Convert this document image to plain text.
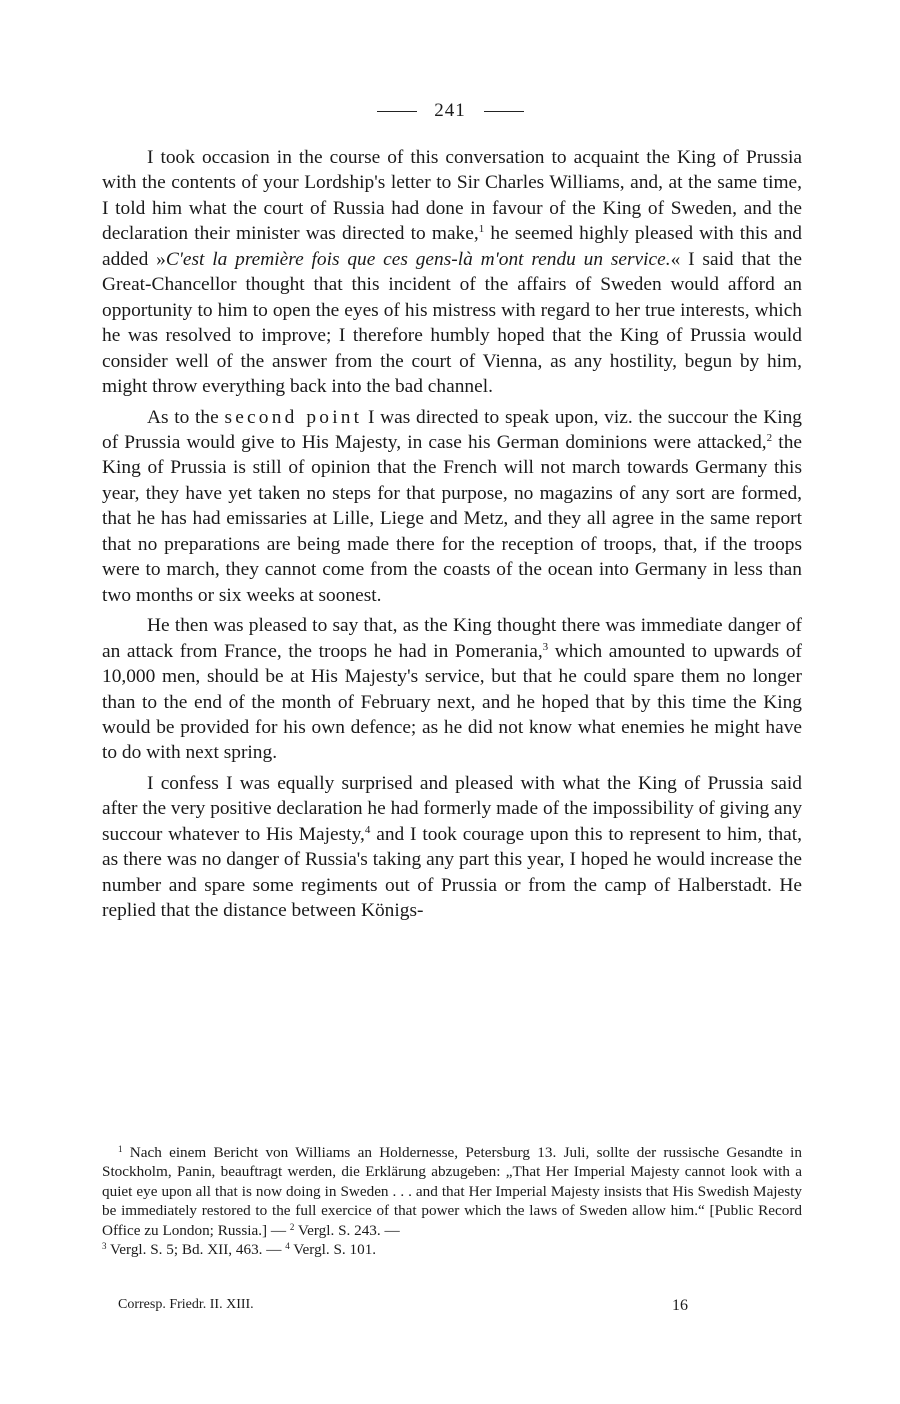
241

I took occasion in the course of this conversation to acquaint the King of Prussia with the contents of your Lordship's letter to Sir Charles Williams, and, at the same time, I told him what the court of Russia had done in favour of the King of Sweden, and the declaration their minister was directed to make,$^1$ he seemed highly pleased with this and added »C'est la première fois que ces gens-là m'ont rendu un service.« I said that the Great-Chancellor thought that this incident of the affairs of Sweden would afford an opportunity to him to open the eyes of his mistress with regard to her true interests, which he was resolved to improve; I therefore humbly hoped that the King of Prussia would consider well of the answer from the court of Vienna, as any hostility, begun by him, might throw everything back into the bad channel.

As to the second point I was directed to speak upon, viz. the succour the King of Prussia would give to His Majesty, in case his German dominions were attacked,$^2$ the King of Prussia is still of opinion that the French will not march towards Germany this year, they have yet taken no steps for that purpose, no magazins of any sort are formed, that he has had emissaries at Lille, Liege and Metz, and they all agree in the same report that no preparations are being made there for the reception of troops, that, if the troops were to march, they cannot come from the coasts of the ocean into Germany in less than two months or six weeks at soonest.

He then was pleased to say that, as the King thought there was immediate danger of an attack from France, the troops he had in Pomerania,$^3$ which amounted to upwards of 10,000 men, should be at His Majesty's service, but that he could spare them no longer than to the end of the month of February next, and he hoped that by this time the King would be provided for his own defence; as he did not know what enemies he might have to do with next spring.

I confess I was equally surprised and pleased with what the King of Prussia said after the very positive declaration he had formerly made of the impossibility of giving any succour whatever to His Majesty,$^4$ and I took courage upon this to represent to him, that, as there was no danger of Russia's taking any part this year, I hoped he would increase the number and spare some regiments out of Prussia or from the camp of Halberstadt. He replied that the distance between Königs-

$^1$ Nach einem Bericht von Williams an Holdernesse, Petersburg 13. Juli, sollte der russische Gesandte in Stockholm, Panin, beauftragt werden, die Erklärung abzugeben: „That Her Imperial Majesty cannot look with a quiet eye upon all that is now doing in Sweden . . . and that Her Imperial Majesty insists that His Swedish Majesty be immediately restored to the full exercice of that power which the laws of Sweden allow him.“ [Public Record Office zu London; Russia.] — $^2$ Vergl. S. 243. —
$^3$ Vergl. S. 5; Bd. XII, 463. — $^4$ Vergl. S. 101.

Corresp. Friedr. II. XIII.	16
